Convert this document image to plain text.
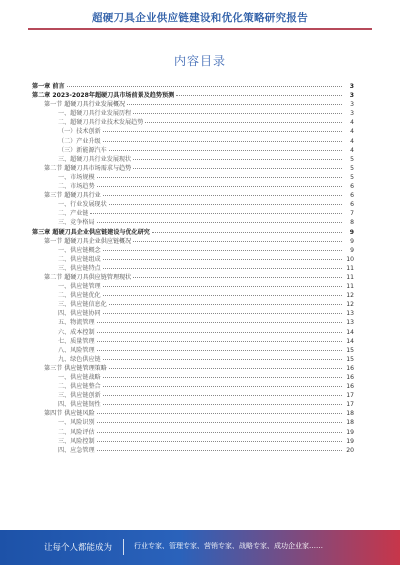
超硬刀具企业供应链建设和优化策略研究报告
内容目录
第一章 前言	3
第二章 2023-2028年超硬刀具市场前景及趋势预测	3
第一节 超硬刀具行业发展概况	3
一、超硬刀具行业发展历程	3
二、超硬刀具行业技术发展趋势	4
（一）技术创新	4
（二）产业升级	4
（三）新能源汽车	4
三、超硬刀具行业发展现状	5
第二节 超硬刀具市场需求与趋势	5
一、市场规模	5
二、市场趋势	6
第三节 超硬刀具行业	6
一、行业发展现状	6
二、产业链	7
三、竞争格局	8
第三章 超硬刀具企业供应链建设与优化研究	9
第一节 超硬刀具企业供应链概况	9
一、供应链概念	9
二、供应链组成	10
三、供应链特点	11
第二节 超硬刀具供应链管理现状	11
一、供应链管理	11
二、供应链优化	12
三、供应链信息化	12
四、供应链协同	13
五、物流管理	13
六、成本控制	14
七、质量管理	14
八、风险管理	15
九、绿色供应链	15
第三节 供应链管理策略	16
一、供应链战略	16
二、供应链整合	16
三、供应链创新	17
四、供应链韧性	17
第四节 供应链风险	18
一、风险识别	18
二、风险评估	19
三、风险控制	19
四、应急管理	20
让每个人都能成为	行业专家、管理专家、营销专家、战略专家、成功企业家……
